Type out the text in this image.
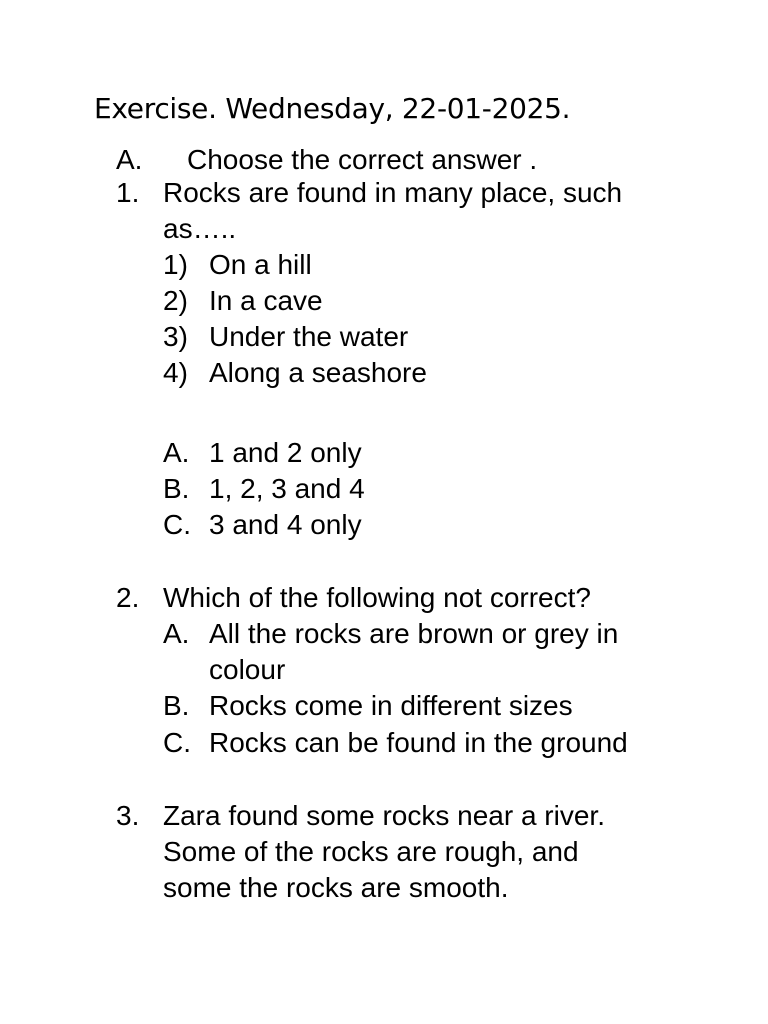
Exercise. Wednesday, 22-01-2025.
A. Choose the correct answer .
1. Rocks are found in many place, such
as…..
1) On a hill
2) In a cave
3) Under the water
4) Along a seashore
A. 1 and 2 only
B. 1, 2, 3 and 4
C. 3 and 4 only
2. Which of the following not correct?
A. All the rocks are brown or grey in
colour
B. Rocks come in different sizes
C. Rocks can be found in the ground
3. Zara found some rocks near a river.
Some of the rocks are rough, and
some the rocks are smooth.
